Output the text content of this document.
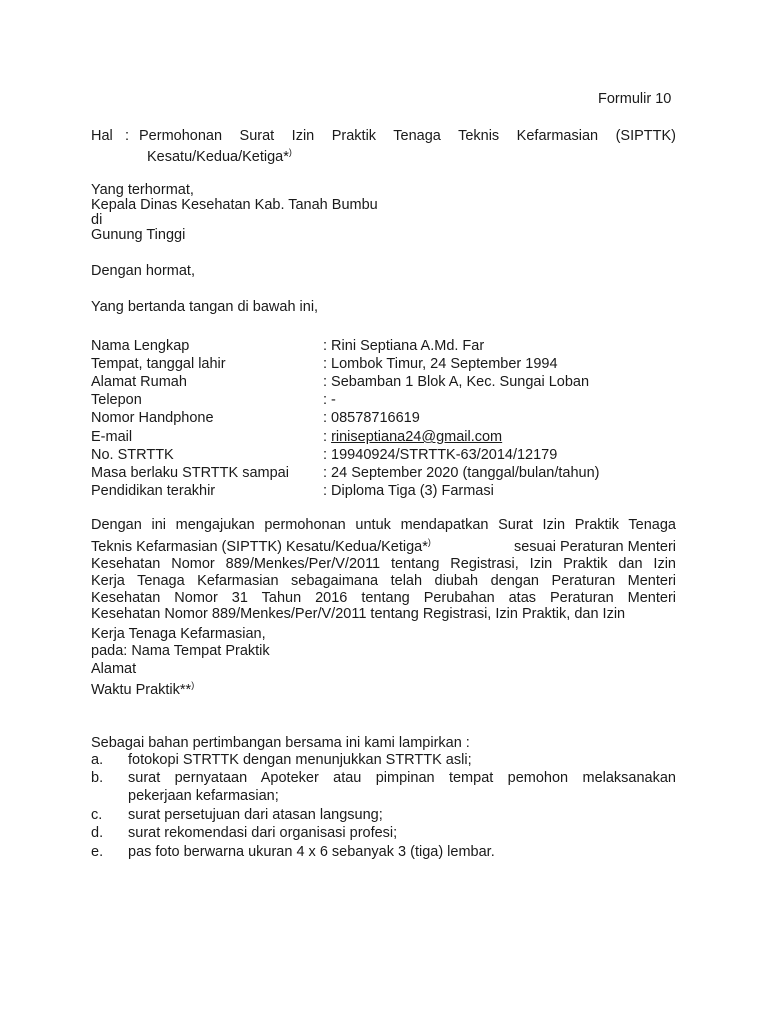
Formulir 10
Hal : Permohonan Surat Izin Praktik Tenaga Teknis Kefarmasian (SIPTTK)
Kesatu/Kedua/Ketiga*)
Yang terhormat,
Kepala Dinas Kesehatan Kab. Tanah Bumbu
di
Gunung Tinggi
Dengan hormat,
Yang bertanda tangan di bawah ini,
Nama Lengkap	: Rini Septiana A.Md. Far
Tempat, tanggal lahir	: Lombok Timur, 24 September 1994
Alamat Rumah	: Sebamban 1 Blok A, Kec. Sungai Loban
Telepon	: -
Nomor Handphone	: 08578716619
E-mail	: riniseptiana24@gmail.com
No. STRTTK	: 19940924/STRTTK-63/2014/12179
Masa berlaku STRTTK sampai : 24 September 2020 (tanggal/bulan/tahun)
Pendidikan terakhir	: Diploma Tiga (3) Farmasi
Dengan ini mengajukan permohonan untuk mendapatkan Surat Izin Praktik Tenaga
Teknis Kefarmasian (SIPTTK) Kesatu/Kedua/Ketiga*)	sesuai Peraturan Menteri
Kesehatan Nomor 889/Menkes/Per/V/2011 tentang Registrasi, Izin Praktik dan Izin
Kerja Tenaga Kefarmasian sebagaimana telah diubah dengan Peraturan Menteri
Kesehatan Nomor 31 Tahun 2016 tentang Perubahan atas Peraturan Menteri
Kesehatan Nomor 889/Menkes/Per/V/2011 tentang Registrasi, Izin Praktik, dan Izin
Kerja Tenaga Kefarmasian,
pada: Nama Tempat Praktik
Alamat
Waktu Praktik**)
Sebagai bahan pertimbangan bersama ini kami lampirkan :
a. fotokopi STRTTK dengan menunjukkan STRTTK asli;
b. surat pernyataan Apoteker atau pimpinan tempat pemohon melaksanakan
pekerjaan kefarmasian;
c. surat persetujuan dari atasan langsung;
d. surat rekomendasi dari organisasi profesi;
e. pas foto berwarna ukuran 4 x 6 sebanyak 3 (tiga) lembar.
